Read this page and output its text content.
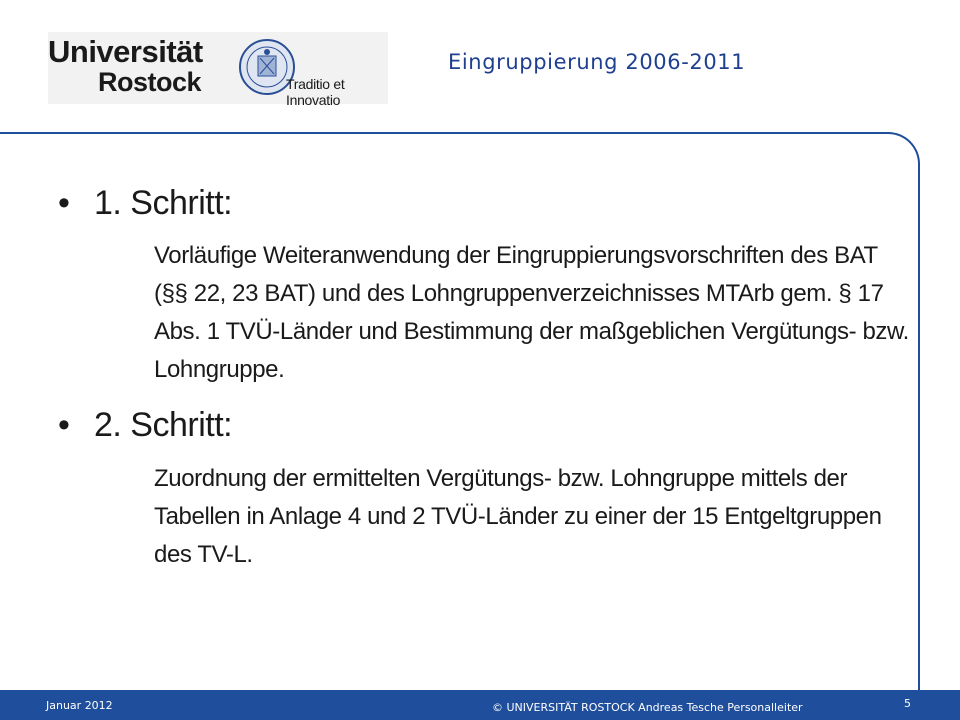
Universität
Rostock	Traditio et Innovatio
Eingruppierung 2006-2011
• 1. Schritt:
Vorläufige Weiteranwendung der Eingruppierungsvorschriften des BAT (§§ 22, 23 BAT) und des Lohngruppenverzeichnisses MTArb gem. § 17 Abs. 1 TVÜ-Länder und Bestimmung der maßgeblichen Vergütungs- bzw. Lohngruppe.
• 2. Schritt:
Zuordnung der ermittelten Vergütungs- bzw. Lohngruppe mittels der Tabellen in Anlage 4 und 2 TVÜ-Länder zu einer der 15 Entgeltgruppen des TV-L.
Januar 2012	© UNIVERSITÄT ROSTOCK Andreas Tesche Personalleiter	5
